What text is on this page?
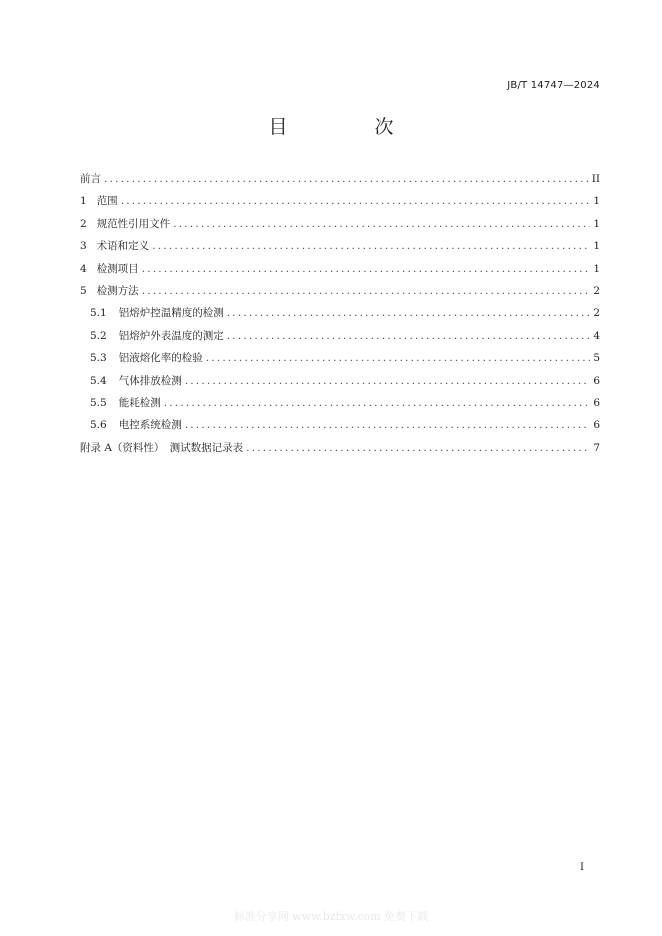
JB/T 14747—2024
目　次
前言 .....	II
1 范围 .....	1
2 规范性引用文件 .....	1
3 术语和定义 .....	1
4 检测项目 .....	1
5 检测方法 .....	2
5.1 铝熔炉控温精度的检测 .....	2
5.2 铝熔炉外表温度的测定 .....	4
5.3 铝液熔化率的检验 .....	5
5.4 气体排放检测 .....	6
5.5 能耗检测 .....	6
5.6 电控系统检测 .....	6
附录 A（资料性）　测试数据记录表 .....	7
I
标准分享网 www.bzfxw.com 免费下载
